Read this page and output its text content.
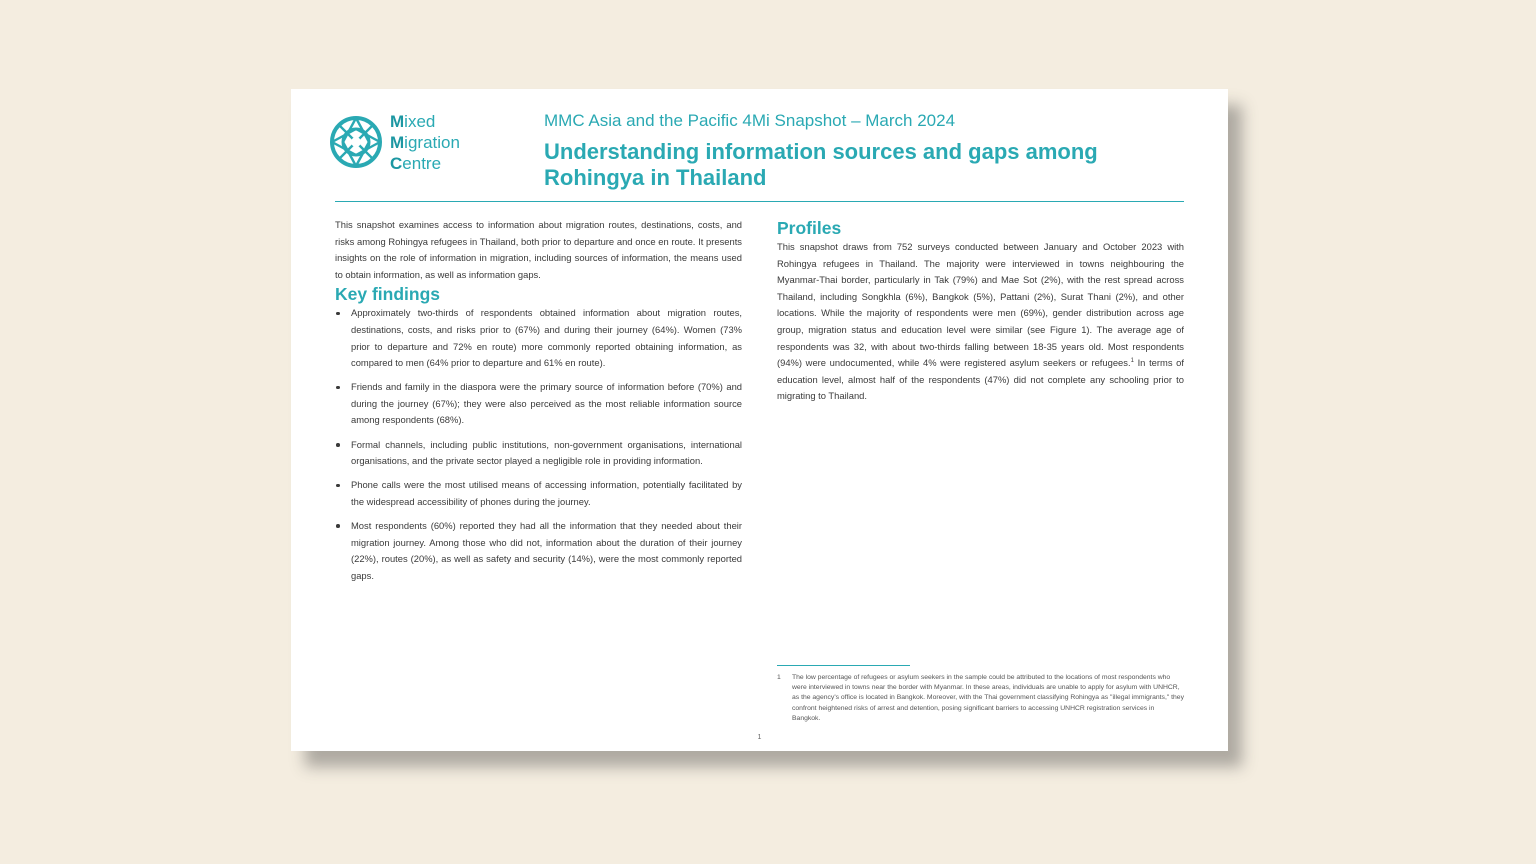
Mixed
Migration
Centre
MMC Asia and the Pacific 4Mi Snapshot – March 2024
Understanding information sources and gaps among Rohingya in Thailand

This snapshot examines access to information about migration routes, destinations, costs, and risks among Rohingya refugees in Thailand, both prior to departure and once en route. It presents insights on the role of information in migration, including sources of information, the means used to obtain information, as well as information gaps.

Key findings
Approximately two-thirds of respondents obtained information about migration routes, destinations, costs, and risks prior to (67%) and during their journey (64%). Women (73% prior to departure and 72% en route) more commonly reported obtaining information, as compared to men (64% prior to departure and 61% en route).
Friends and family in the diaspora were the primary source of information before (70%) and during the journey (67%); they were also perceived as the most reliable information source among respondents (68%).
Formal channels, including public institutions, non-government organisations, international organisations, and the private sector played a negligible role in providing information.
Phone calls were the most utilised means of accessing information, potentially facilitated by the widespread accessibility of phones during the journey.
Most respondents (60%) reported they had all the information that they needed about their migration journey. Among those who did not, information about the duration of their journey (22%), routes (20%), as well as safety and security (14%), were the most commonly reported gaps.
Profiles

This snapshot draws from 752 surveys conducted between January and October 2023 with Rohingya refugees in Thailand. The majority were interviewed in towns neighbouring the Myanmar-Thai border, particularly in Tak (79%) and Mae Sot (2%), with the rest spread across Thailand, including Songkhla (6%), Bangkok (5%), Pattani (2%), Surat Thani (2%), and other locations. While the majority of respondents were men (69%), gender distribution across age group, migration status and education level were similar (see Figure 1). The average age of respondents was 32, with about two-thirds falling between 18-35 years old. Most respondents (94%) were undocumented, while 4% were registered asylum seekers or refugees.$^1$ In terms of education level, almost half of the respondents (47%) did not complete any schooling prior to migrating to Thailand.

1 The low percentage of refugees or asylum seekers in the sample could be attributed to the locations of most respondents who were interviewed in towns near the border with Myanmar. In these areas, individuals are unable to apply for asylum with UNHCR, as the agency's office is located in Bangkok. Moreover, with the Thai government classifying Rohingya as "illegal immigrants," they confront heightened risks of arrest and detention, posing significant barriers to accessing UNHCR registration services in Bangkok.
1
